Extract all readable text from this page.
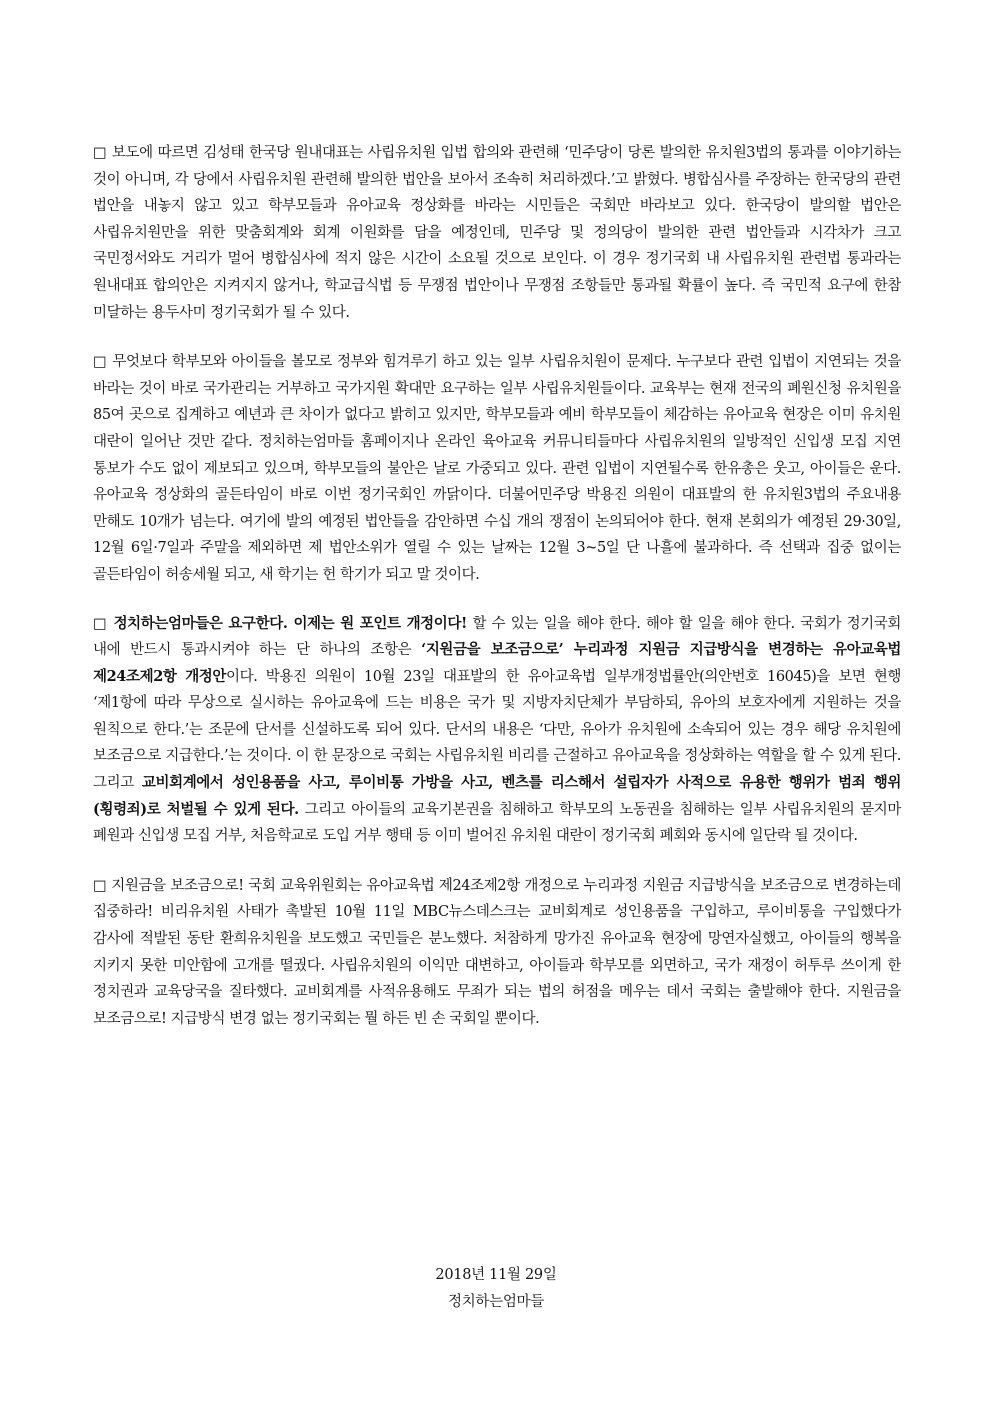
□ 보도에 따르면 김성태 한국당 원내대표는 사립유치원 입법 합의와 관련해 ‘민주당이 당론 발의한 유치원3법의 통과를 이야기하는 것이 아니며, 각 당에서 사립유치원 관련해 발의한 법안을 보아서 조속히 처리하겠다.’고 밝혔다. 병합심사를 주장하는 한국당의 관련 법안을 내놓지 않고 있고 학부모들과 유아교육 정상화를 바라는 시민들은 국회만 바라보고 있다. 한국당이 발의할 법안은 사립유치원만을 위한 맞춤회계와 회계 이원화를 담을 예정인데, 민주당 및 정의당이 발의한 관련 법안들과 시각차가 크고 국민정서와도 거리가 멀어 병합심사에 적지 않은 시간이 소요될 것으로 보인다. 이 경우 정기국회 내 사립유치원 관련법 통과라는 원내대표 합의안은 지켜지지 않거나, 학교급식법 등 무쟁점 법안이나 무쟁점 조항들만 통과될 확률이 높다. 즉 국민적 요구에 한참 미달하는 용두사미 정기국회가 될 수 있다.

□ 무엇보다 학부모와 아이들을 볼모로 정부와 힘겨루기 하고 있는 일부 사립유치원이 문제다. 누구보다 관련 입법이 지연되는 것을 바라는 것이 바로 국가관리는 거부하고 국가지원 확대만 요구하는 일부 사립유치원들이다. 교육부는 현재 전국의 폐원신청 유치원을 85여 곳으로 집계하고 예년과 큰 차이가 없다고 밝히고 있지만, 학부모들과 예비 학부모들이 체감하는 유아교육 현장은 이미 유치원 대란이 일어난 것만 같다. 정치하는엄마들 홈페이지나 온라인 육아교육 커뮤니티들마다 사립유치원의 일방적인 신입생 모집 지연 통보가 수도 없이 제보되고 있으며, 학부모들의 불안은 날로 가중되고 있다. 관련 입법이 지연될수록 한유총은 웃고, 아이들은 운다. 유아교육 정상화의 골든타임이 바로 이번 정기국회인 까닭이다. 더불어민주당 박용진 의원이 대표발의 한 유치원3법의 주요내용 만해도 10개가 넘는다. 여기에 발의 예정된 법안들을 감안하면 수십 개의 쟁점이 논의되어야 한다. 현재 본회의가 예정된 29·30일, 12월 6일·7일과 주말을 제외하면 제 법안소위가 열릴 수 있는 날짜는 12월 3~5일 단 나흘에 불과하다. 즉 선택과 집중 없이는 골든타임이 허송세월 되고, 새 학기는 헌 학기가 되고 말 것이다.

□ 정치하는엄마들은 요구한다. 이제는 원 포인트 개정이다! 할 수 있는 일을 해야 한다. 해야 할 일을 해야 한다. 국회가 정기국회 내에 반드시 통과시켜야 하는 단 하나의 조항은 ‘지원금을 보조금으로’ 누리과정 지원금 지급방식을 변경하는 유아교육법 제24조제2항 개정안이다. 박용진 의원이 10월 23일 대표발의 한 유아교육법 일부개정법률안(의안번호 16045)을 보면 현행 ‘제1항에 따라 무상으로 실시하는 유아교육에 드는 비용은 국가 및 지방자치단체가 부담하되, 유아의 보호자에게 지원하는 것을 원칙으로 한다.’는 조문에 단서를 신설하도록 되어 있다. 단서의 내용은 ‘다만, 유아가 유치원에 소속되어 있는 경우 해당 유치원에 보조금으로 지급한다.’는 것이다. 이 한 문장으로 국회는 사립유치원 비리를 근절하고 유아교육을 정상화하는 역할을 할 수 있게 된다. 그리고 교비회계에서 성인용품을 사고, 루이비통 가방을 사고, 벤츠를 리스해서 설립자가 사적으로 유용한 행위가 범죄 행위(횡령죄)로 처벌될 수 있게 된다. 그리고 아이들의 교육기본권을 침해하고 학부모의 노동권을 침해하는 일부 사립유치원의 묻지마 폐원과 신입생 모집 거부, 처음학교로 도입 거부 행태 등 이미 벌어진 유치원 대란이 정기국회 폐회와 동시에 일단락 될 것이다.

□ 지원금을 보조금으로! 국회 교육위원회는 유아교육법 제24조제2항 개정으로 누리과정 지원금 지급방식을 보조금으로 변경하는데 집중하라! 비리유치원 사태가 촉발된 10월 11일 MBC뉴스데스크는 교비회계로 성인용품을 구입하고, 루이비통을 구입했다가 감사에 적발된 동탄 환희유치원을 보도했고 국민들은 분노했다. 처참하게 망가진 유아교육 현장에 망연자실했고, 아이들의 행복을 지키지 못한 미안함에 고개를 떨궜다. 사립유치원의 이익만 대변하고, 아이들과 학부모를 외면하고, 국가 재정이 허투루 쓰이게 한 정치권과 교육당국을 질타했다. 교비회계를 사적유용해도 무죄가 되는 법의 허점을 메우는 데서 국회는 출발해야 한다. 지원금을 보조금으로! 지급방식 변경 없는 정기국회는 뭘 하든 빈 손 국회일 뿐이다.

2018년 11월 29일
정치하는엄마들
